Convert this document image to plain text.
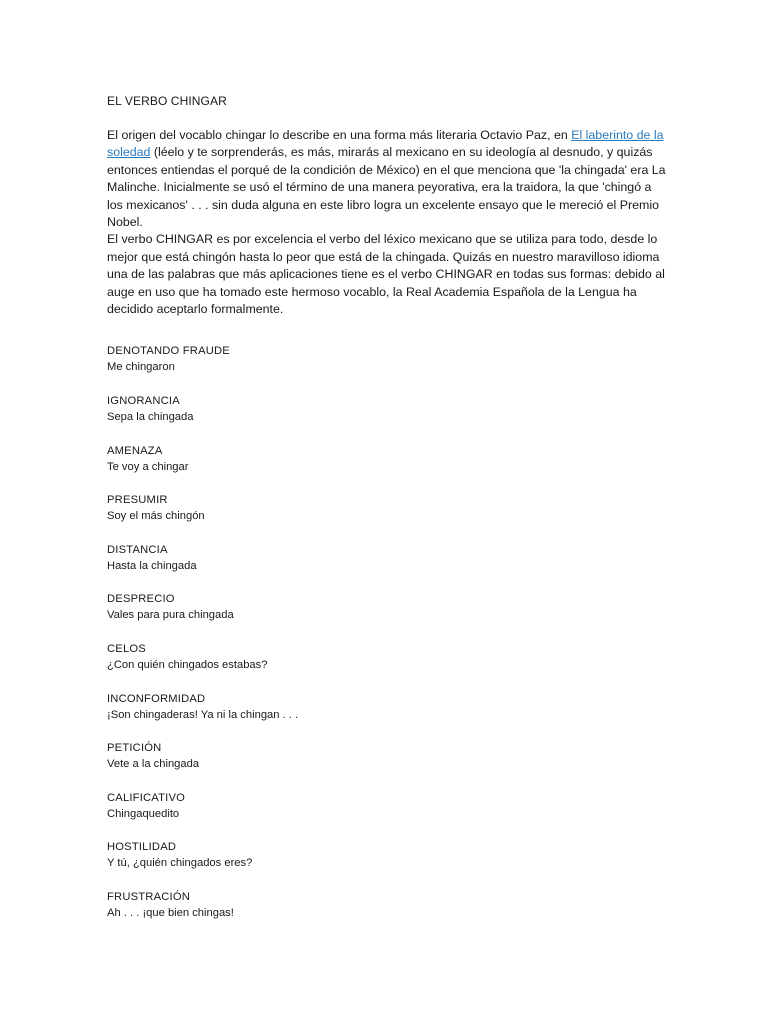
EL VERBO CHINGAR

El origen del vocablo chingar lo describe en una forma más literaria Octavio Paz, en El laberinto de la soledad (léelo y te sorprenderás, es más, mirarás al mexicano en su ideología al desnudo, y quizás entonces entiendas el porqué de la condición de México) en el que menciona que 'la chingada' era La Malinche. Inicialmente se usó el término de una manera peyorativa, era la traidora, la que 'chingó a los mexicanos' . . . sin duda alguna en este libro logra un excelente ensayo que le mereció el Premio Nobel.

El verbo CHINGAR es por excelencia el verbo del léxico mexicano que se utiliza para todo, desde lo mejor que está chingón hasta lo peor que está de la chingada. Quizás en nuestro maravilloso idioma una de las palabras que más aplicaciones tiene es el verbo CHINGAR en todas sus formas: debido al auge en uso que ha tomado este hermoso vocablo, la Real Academia Española de la Lengua ha decidido aceptarlo formalmente.

DENOTANDO FRAUDE
Me chingaron
IGNORANCIA
Sepa la chingada
AMENAZA
Te voy a chingar
PRESUMIR
Soy el más chingón
DISTANCIA
Hasta la chingada
DESPRECIO
Vales para pura chingada
CELOS
¿Con quién chingados estabas?
INCONFORMIDAD
¡Son chingaderas! Ya ni la chingan . . .
PETICIÓN
Vete a la chingada
CALIFICATIVO
Chingaquedito
HOSTILIDAD
Y tú, ¿quién chingados eres?
FRUSTRACIÓN
Ah . . . ¡que bien chingas!
